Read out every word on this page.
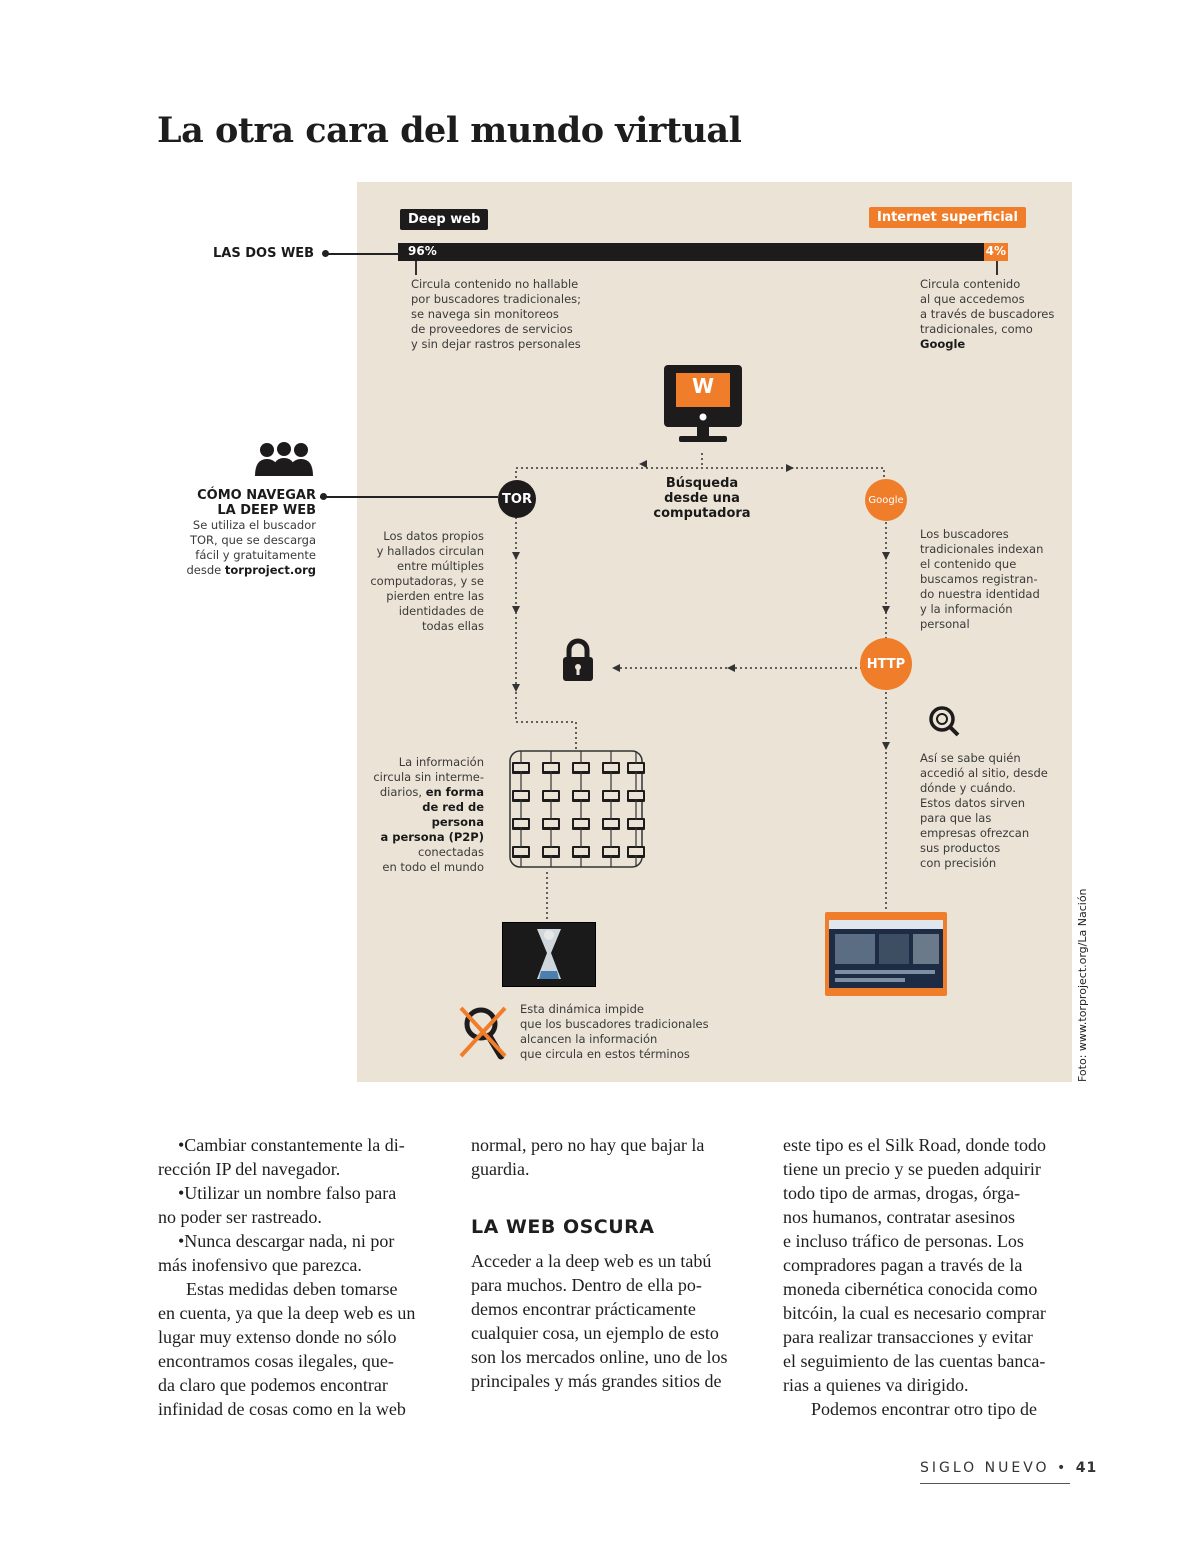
La otra cara del mundo virtual
Deep web	Internet superficial
96%	4%
Circula contenido no hallable
por buscadores tradicionales;
se navega sin monitoreos
de proveedores de servicios
y sin dejar rastros personales
Circula contenido
al que accedemos
a través de buscadores
tradicionales, como
Google
W
Búsqueda
desde una
computadora
TOR	Google
HTTP
Los datos propios
y hallados circulan
entre múltiples
computadoras, y se
pierden entre las
identidades de
todas ellas
Los buscadores
tradicionales indexan
el contenido que
buscamos registran-
do nuestra identidad
y la información
personal
La información
circula sin interme-
diarios, en forma
de red de persona
a persona (P2P)
conectadas
en todo el mundo
Así se sabe quién
accedió al sitio, desde
dónde y cuándo.
Estos datos sirven
para que las
empresas ofrezcan
sus productos
con precisión
Esta dinámica impide
que los buscadores tradicionales
alcancen la información
que circula en estos términos
LAS DOS WEB
CÓMO NAVEGAR
LA DEEP WEB
Se utiliza el buscador
TOR, que se descarga
fácil y gratuitamente
desde torproject.org
Foto: www.torproject.org/La Nación

•Cambiar constantemente la di-

rección IP del navegador.

•Utilizar un nombre falso para

no poder ser rastreado.

•Nunca descargar nada, ni por

más inofensivo que parezca.

Estas medidas deben tomarse

en cuenta, ya que la deep web es un

lugar muy extenso donde no sólo

encontramos cosas ilegales, que-

da claro que podemos encontrar

infinidad de cosas como en la web

normal, pero no hay que bajar la

guardia.

LA WEB OSCURA

Acceder a la deep web es un tabú

para muchos. Dentro de ella po-

demos encontrar prácticamente

cualquier cosa, un ejemplo de esto

son los mercados online, uno de los

principales y más grandes sitios de

este tipo es el Silk Road, donde todo

tiene un precio y se pueden adquirir

todo tipo de armas, drogas, órga-

nos humanos, contratar asesinos

e incluso tráfico de personas. Los

compradores pagan a través de la

moneda cibernética conocida como

bitcóin, la cual es necesario comprar

para realizar transacciones y evitar

el seguimiento de las cuentas banca-

rias a quienes va dirigido.

Podemos encontrar otro tipo de

SIGLO NUEVO • 41
